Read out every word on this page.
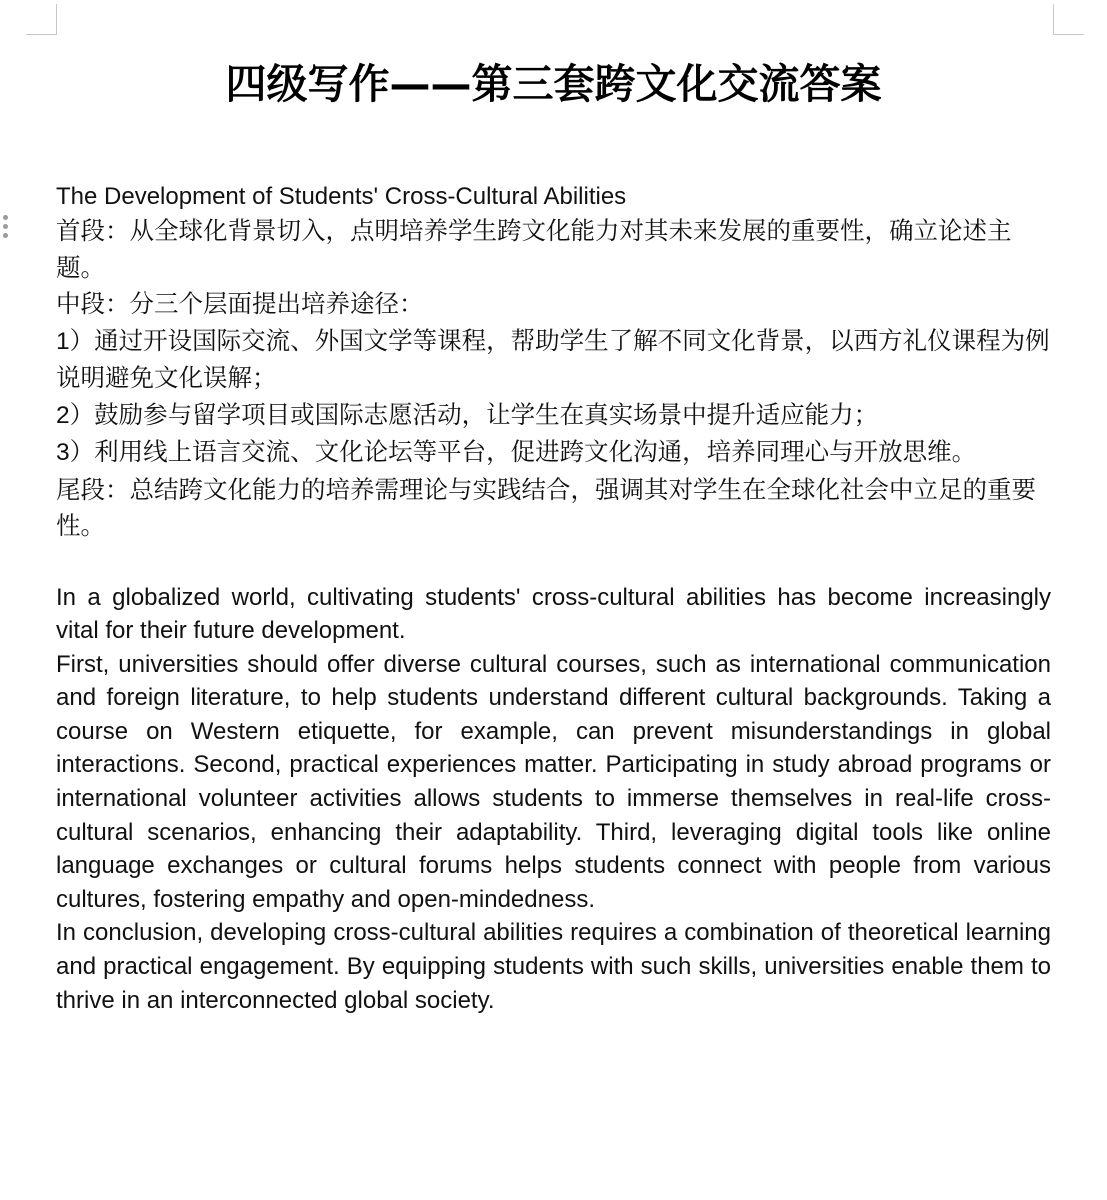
四级写作——第三套跨文化交流答案

The Development of Students' Cross-Cultural Abilities

首段：从全球化背景切入，点明培养学生跨文化能力对其未来发展的重要性，确立论述主题。

中段：分三个层面提出培养途径：

1）通过开设国际交流、外国文学等课程，帮助学生了解不同文化背景，以西方礼仪课程为例说明避免文化误解；

2）鼓励参与留学项目或国际志愿活动，让学生在真实场景中提升适应能力；

3）利用线上语言交流、文化论坛等平台，促进跨文化沟通，培养同理心与开放思维。

尾段：总结跨文化能力的培养需理论与实践结合，强调其对学生在全球化社会中立足的重要性。

In a globalized world, cultivating students' cross-cultural abilities has become increasingly vital for their future development.

First, universities should offer diverse cultural courses, such as international communication and foreign literature, to help students understand different cultural backgrounds. Taking a course on Western etiquette, for example, can prevent misunderstandings in global interactions. Second, practical experiences matter. Participating in study abroad programs or international volunteer activities allows students to immerse themselves in real-life cross-cultural scenarios, enhancing their adaptability. Third, leveraging digital tools like online language exchanges or cultural forums helps students connect with people from various cultures, fostering empathy and open-mindedness.

In conclusion, developing cross-cultural abilities requires a combination of theoretical learning and practical engagement. By equipping students with such skills, universities enable them to thrive in an interconnected global society.
